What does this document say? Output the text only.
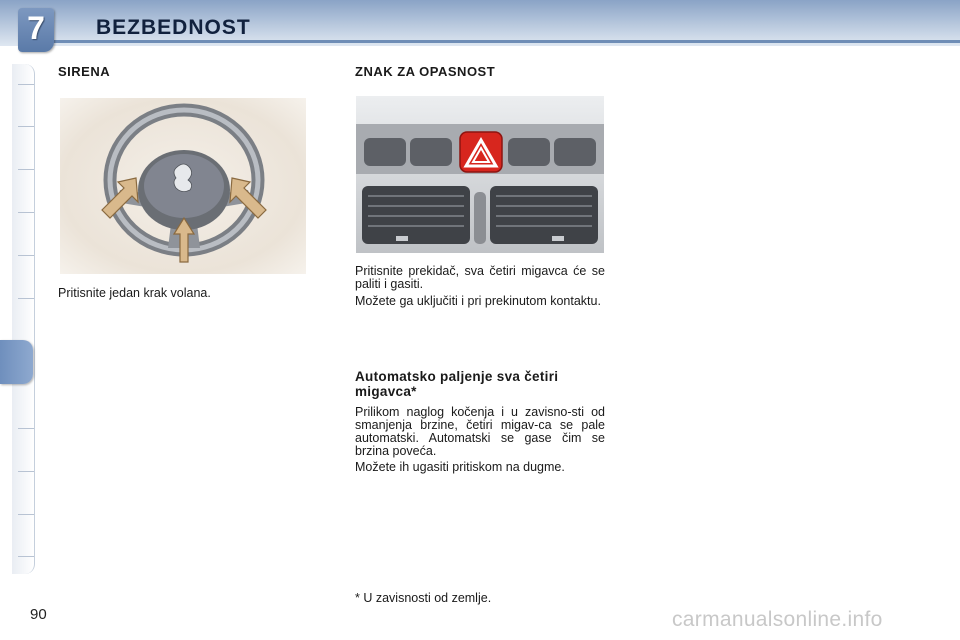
7	BEZBEDNOST
SIRENA
Pritisnite jedan krak volana.
ZNAK ZA OPASNOST
Pritisnite prekidač, sva četiri migavca će se paliti i gasiti.
Možete ga uključiti i pri prekinutom kontaktu.
Automatsko paljenje sva četiri migavca*
Prilikom naglog kočenja i u zavisno-sti od smanjenja brzine, četiri migav-ca se pale automatski. Automatski se gase čim se brzina poveća.
Možete ih ugasiti pritiskom na dugme.
* U zavisnosti od zemlje.
90	carmanualsonline.info
